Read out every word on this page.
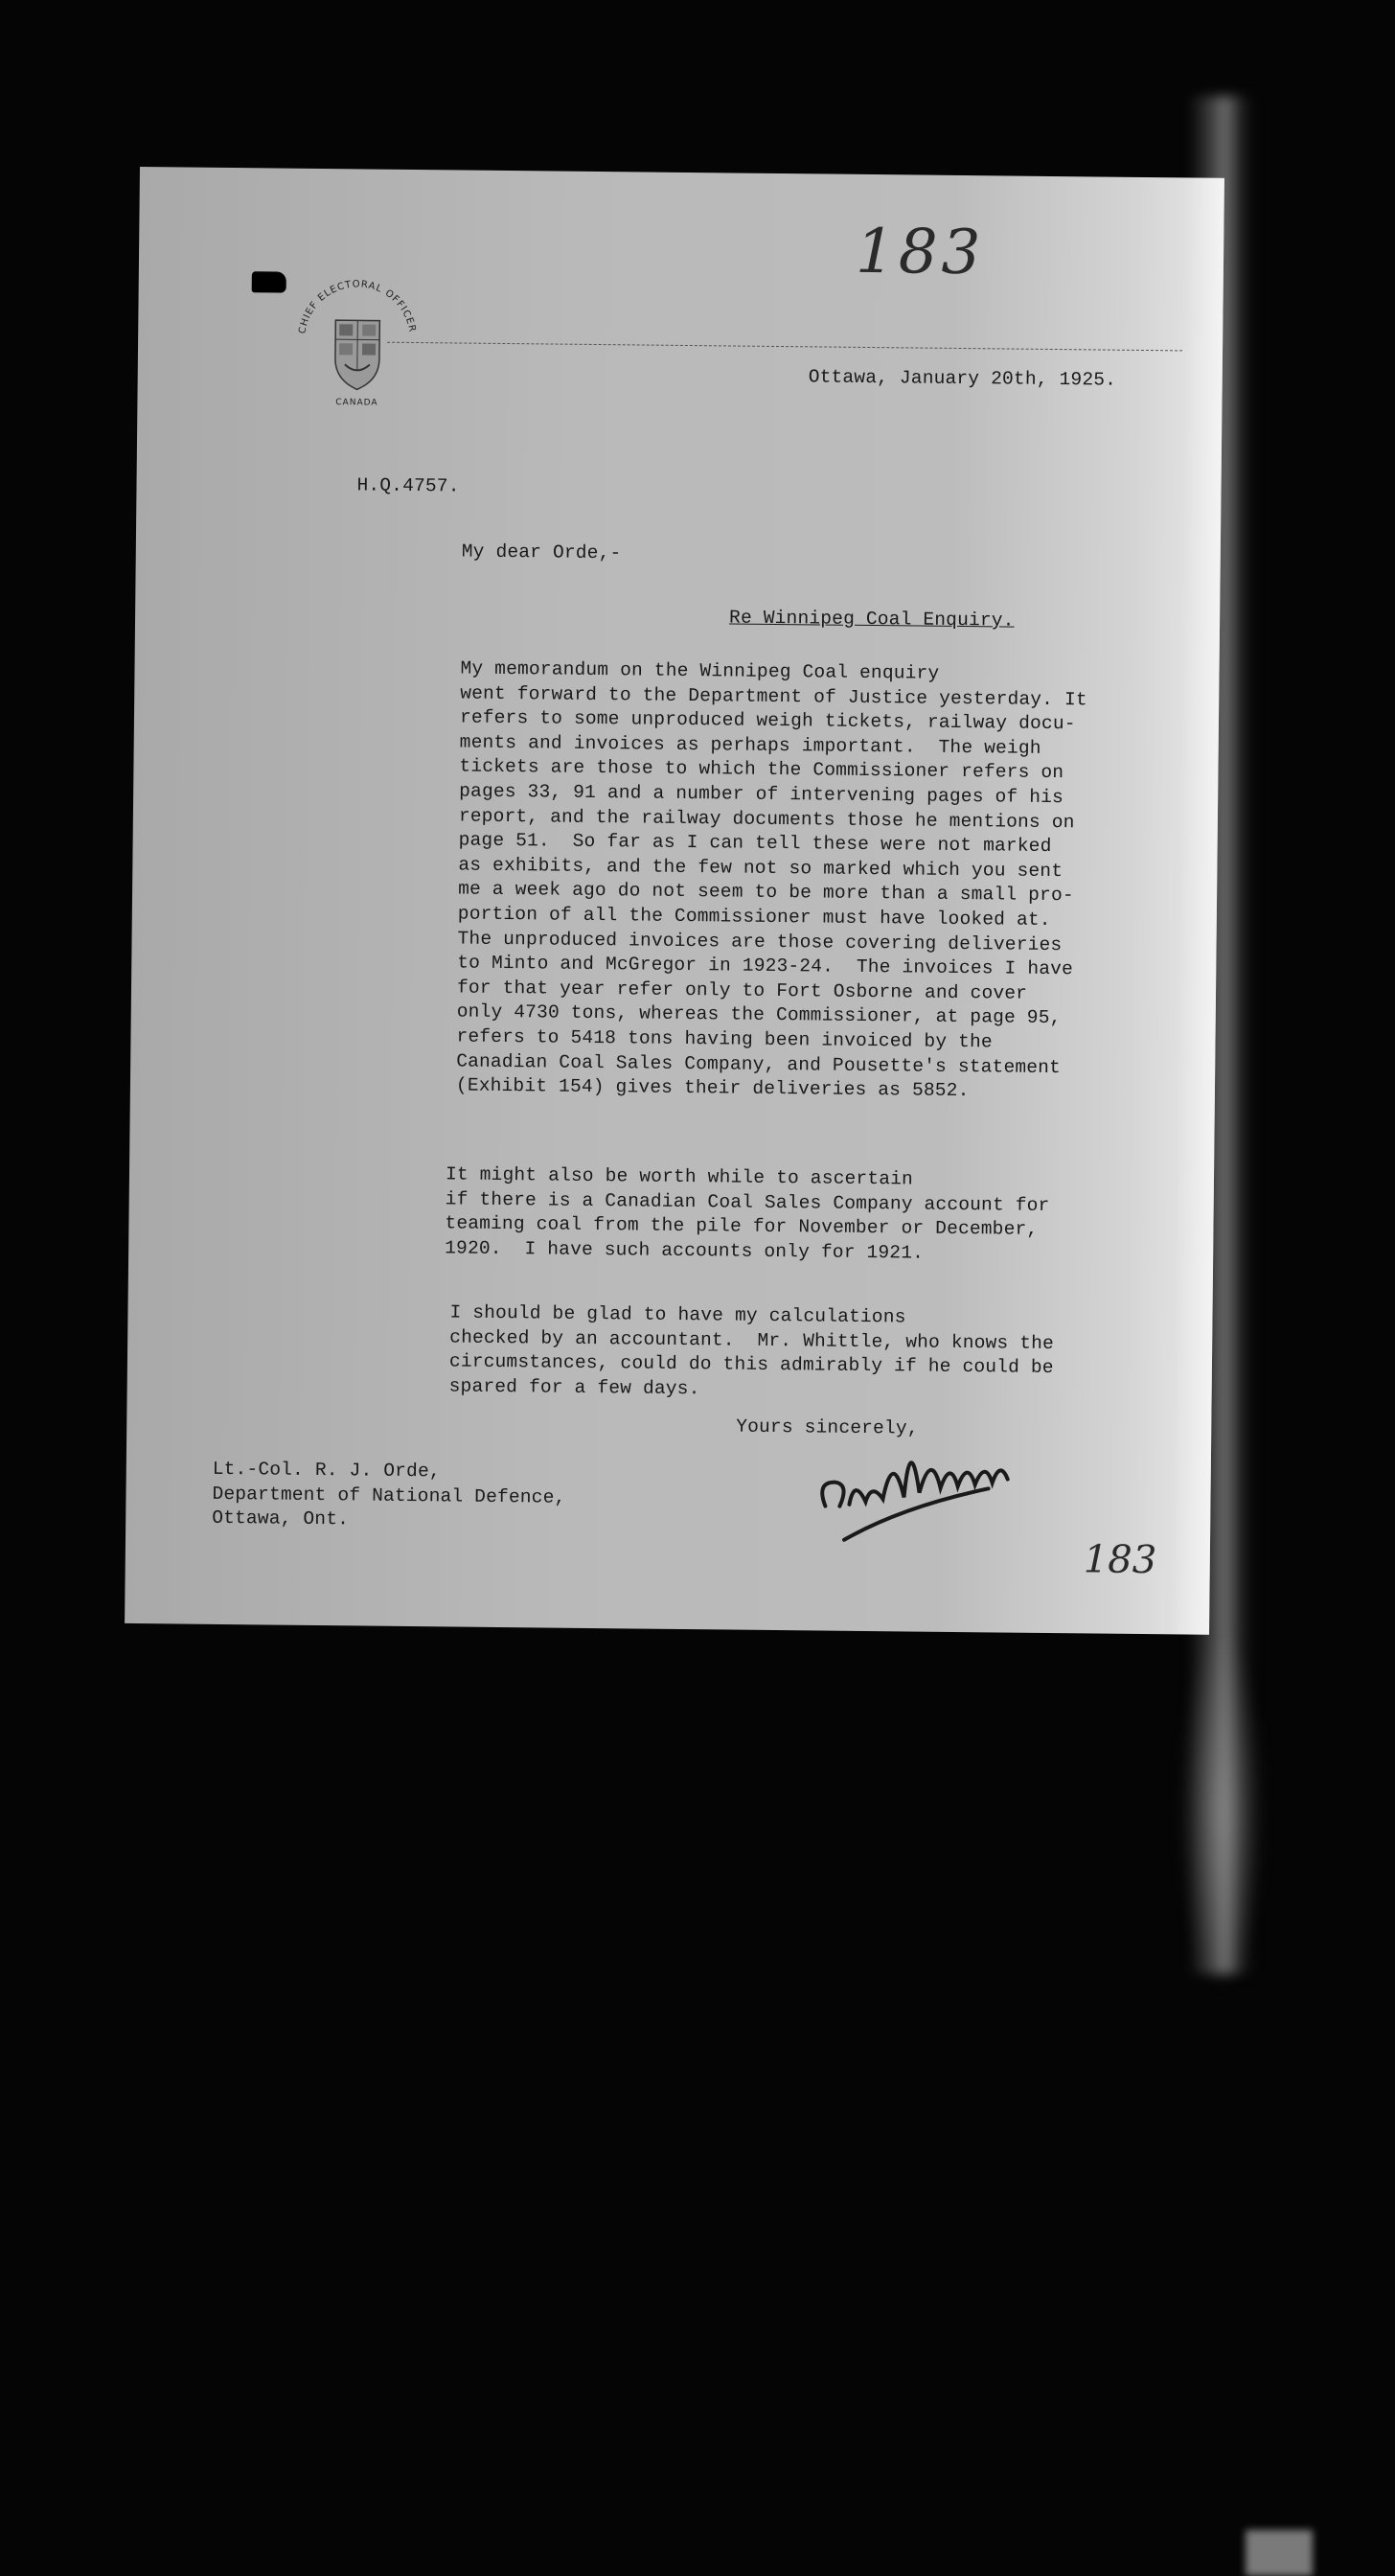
CHIEF ELECTORAL OFFICER
CANADA
183
Ottawa, January 20th, 1925.
H.Q.4757.
My dear Orde,-
Re Winnipeg Coal Enquiry.
My memorandum on the Winnipeg Coal enquiry
went forward to the Department of Justice yesterday. It
refers to some unproduced weigh tickets, railway docu-
ments and invoices as perhaps important.  The weigh
tickets are those to which the Commissioner refers on
pages 33, 91 and a number of intervening pages of his
report, and the railway documents those he mentions on
page 51.  So far as I can tell these were not marked
as exhibits, and the few not so marked which you sent
me a week ago do not seem to be more than a small pro-
portion of all the Commissioner must have looked at.
The unproduced invoices are those covering deliveries
to Minto and McGregor in 1923-24.  The invoices I have
for that year refer only to Fort Osborne and cover
only 4730 tons, whereas the Commissioner, at page 95,
refers to 5418 tons having been invoiced by the
Canadian Coal Sales Company, and Pousette's statement
(Exhibit 154) gives their deliveries as 5852.
It might also be worth while to ascertain
if there is a Canadian Coal Sales Company account for
teaming coal from the pile for November or December,
1920.  I have such accounts only for 1921.
I should be glad to have my calculations
checked by an accountant.  Mr. Whittle, who knows the
circumstances, could do this admirably if he could be
spared for a few days.
Yours sincerely,
183
Lt.-Col. R. J. Orde,
Department of National Defence,
Ottawa, Ont.
